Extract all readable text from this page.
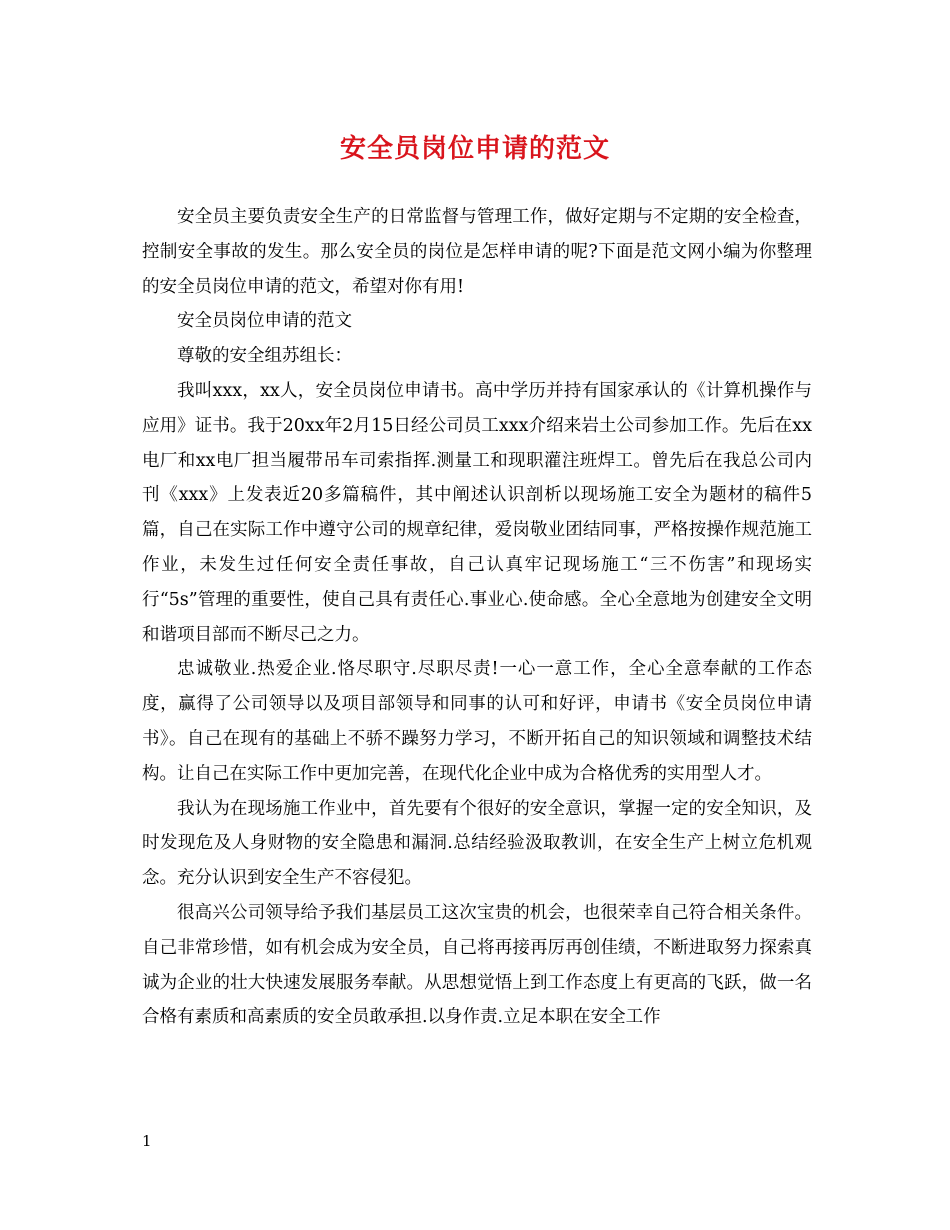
安全员岗位申请的范文

安全员主要负责安全生产的日常监督与管理工作，做好定期与不定期的安全检查，控制安全事故的发生。那么安全员的岗位是怎样申请的呢?下面是范文网小编为你整理的安全员岗位申请的范文，希望对你有用!

安全员岗位申请的范文

尊敬的安全组苏组长：

我叫xxx，xx人，安全员岗位申请书。高中学历并持有国家承认的《计算机操作与应用》证书。我于20xx年2月15日经公司员工xxx介绍来岩土公司参加工作。先后在xx电厂和xx电厂担当履带吊车司索指挥.测量工和现职灌注班焊工。曾先后在我总公司内刊《xxx》上发表近20多篇稿件，其中阐述认识剖析以现场施工安全为题材的稿件5篇，自己在实际工作中遵守公司的规章纪律，爱岗敬业团结同事，严格按操作规范施工作业，未发生过任何安全责任事故，自己认真牢记现场施工“三不伤害”和现场实行“5s”管理的重要性，使自己具有责任心.事业心.使命感。全心全意地为创建安全文明和谐项目部而不断尽己之力。

忠诚敬业.热爱企业.恪尽职守.尽职尽责!一心一意工作，全心全意奉献的工作态度，赢得了公司领导以及项目部领导和同事的认可和好评，申请书《安全员岗位申请书》。自己在现有的基础上不骄不躁努力学习，不断开拓自己的知识领域和调整技术结构。让自己在实际工作中更加完善，在现代化企业中成为合格优秀的实用型人才。

我认为在现场施工作业中，首先要有个很好的安全意识，掌握一定的安全知识，及时发现危及人身财物的安全隐患和漏洞.总结经验汲取教训，在安全生产上树立危机观念。充分认识到安全生产不容侵犯。

很高兴公司领导给予我们基层员工这次宝贵的机会，也很荣幸自己符合相关条件。自己非常珍惜，如有机会成为安全员，自己将再接再厉再创佳绩，不断进取努力探索真诚为企业的壮大快速发展服务奉献。从思想觉悟上到工作态度上有更高的飞跃，做一名合格有素质和高素质的安全员敢承担.以身作责.立足本职在安全工作

1
